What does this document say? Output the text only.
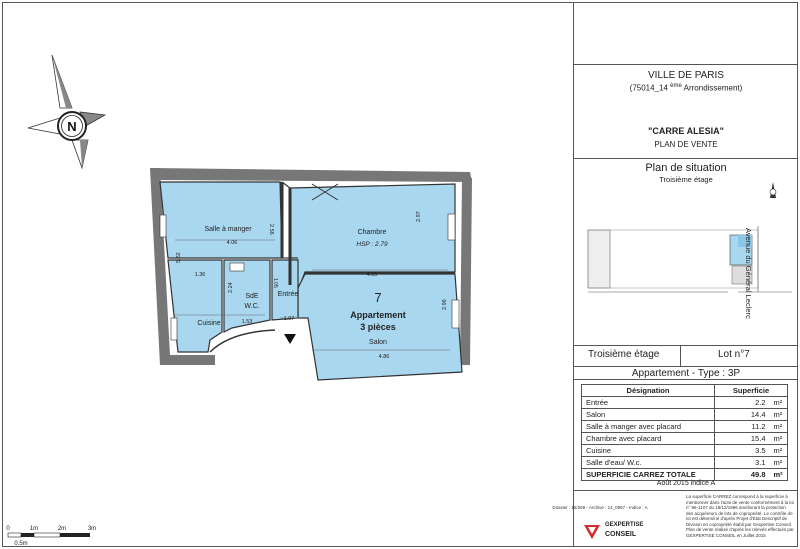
N
Salle à manger
4.06
2.56
5.62
Chambre
HSP : 2.79
2.97
4.85
7
Appartement
3 pièces
Salon
2.96
4.86
1.36
2.24
SdE
W.C.
Entrée
1.05
Cuisine	1.53	1.07
0	1m	2m	3m
0.5m
VILLE DE PARIS
(75014_14 $^{ème}$ Arrondissement)
"CARRE ALESIA"
PLAN DE VENTE
Plan de situation
Troisième étage
Avenue du Général Leclerc
Troisième étage	Lot n°7
Appartement - Type : 3P
Désignation	Superficie	
Entrée	2.2	m²
Salon	14.4	m²
Salle à manger avec placard	11.2	m²
Chambre avec placard	15.4	m²
Cuisine	3.5	m²
Salle d'eau/ W.c.	3.1	m²
SUPERFICIE CARREZ TOTALE	49.8	m²
Août 2015 indice A
Dossier : 15/269 - Archive : 14_0867 - Indice : A
GEXPERTISE
CONSEIL
La superficie CARREZ correspond à la superficie à mentionner dans l'acte de vente conformément à la loi n° 96-1107 du 18/12/1996 améliorant la protection des acquéreurs de lots de copropriété. Le contrôle de lot est déterminé d'après Projet d'Etat Descriptif de Division en copropriété établi par Gexpertise Conseil. Plan de vente réalisé d'après les relevés effectués par GEXPERTISE CONSEIL en Juillet 2015
